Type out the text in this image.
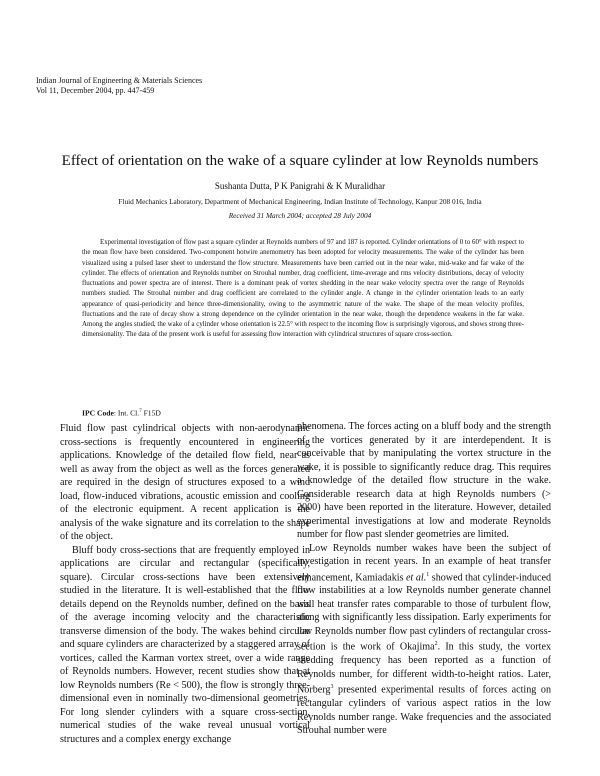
Indian Journal of Engineering & Materials Sciences
Vol 11, December 2004, pp. 447-459
Effect of orientation on the wake of a square cylinder at low Reynolds numbers
Sushanta Dutta, P K Panigrahi & K Muralidhar
Fluid Mechanics Laboratory, Department of Mechanical Engineering, Indian Institute of Technology, Kanpur 208 016, India
Received 31 March 2004; accepted 28 July 2004

Experimental investigation of flow past a square cylinder at Reynolds numbers of 97 and 187 is reported. Cylinder orientations of 0 to 60° with respect to the mean flow have been considered. Two-component hotwire anemometry has been adopted for velocity measurements. The wake of the cylinder has been visualized using a pulsed laser sheet to understand the flow structure. Measurements have been carried out in the near wake, mid-wake and far wake of the cylinder. The effects of orientation and Reynolds number on Strouhal number, drag coefficient, time-average and rms velocity distributions, decay of velocity fluctuations and power spectra are of interest. There is a dominant peak of vortex shedding in the near wake velocity spectra over the range of Reynolds numbers studied. The Strouhal number and drag coefficient are correlated to the cylinder angle. A change in the cylinder orientation leads to an early appearance of quasi-periodicity and hence three-dimensionality, owing to the asymmetric nature of the wake. The shape of the mean velocity profiles, fluctuations and the rate of decay show a strong dependence on the cylinder orientation in the near wake, though the dependence weakens in the far wake. Among the angles studied, the wake of a cylinder whose orientation is 22.5° with respect to the incoming flow is surprisingly vigorous, and shows strong three-dimensionality. The data of the present work is useful for assessing flow interaction with cylindrical structures of square cross-section.

IPC Code: Int. Cl.$^7$ F15D

Fluid flow past cylindrical objects with non-aerodynamic cross-sections is frequently encountered in engineering applications. Knowledge of the detailed flow field, near as well as away from the object as well as the forces generated are required in the design of structures exposed to a wind load, flow-induced vibrations, acoustic emission and cooling of the electronic equipment. A recent application is the analysis of the wake signature and its correlation to the shape of the object.

Bluff body cross-sections that are frequently employed in applications are circular and rectangular (specifically, square). Circular cross-sections have been extensively studied in the literature. It is well-established that the flow details depend on the Reynolds number, defined on the basis of the average incoming velocity and the characteristic transverse dimension of the body. The wakes behind circular and square cylinders are characterized by a staggered array of vortices, called the Karman vortex street, over a wide range of Reynolds numbers. However, recent studies show that at low Reynolds numbers (Re < 500), the flow is strongly three-dimensional even in nominally two-dimensional geometries. For long slender cylinders with a square cross-section, numerical studies of the wake reveal unusual vortical structures and a complex energy exchange

phenomena. The forces acting on a bluff body and the strength of the vortices generated by it are interdependent. It is conceivable that by manipulating the vortex structure in the wake, it is possible to significantly reduce drag. This requires a knowledge of the detailed flow structure in the wake. Considerable research data at high Reynolds numbers (> 2000) have been reported in the literature. However, detailed experimental investigations at low and moderate Reynolds number for flow past slender geometries are limited.

Low Reynolds number wakes have been the subject of investigation in recent years. In an example of heat transfer enhancement, Kamiadakis et al.$^1$ showed that cylinder-induced flow instabilities at a low Reynolds number generate channel wall heat transfer rates comparable to those of turbulent flow, along with significantly less dissipation. Early experiments for low Reynolds number flow past cylinders of rectangular cross-section is the work of Okajima$^2$. In this study, the vortex shedding frequency has been reported as a function of Reynolds number, for different width-to-height ratios. Later, Norberg$^3$ presented experimental results of forces acting on rectangular cylinders of various aspect ratios in the low Reynolds number range. Wake frequencies and the associated Strouhal number were
